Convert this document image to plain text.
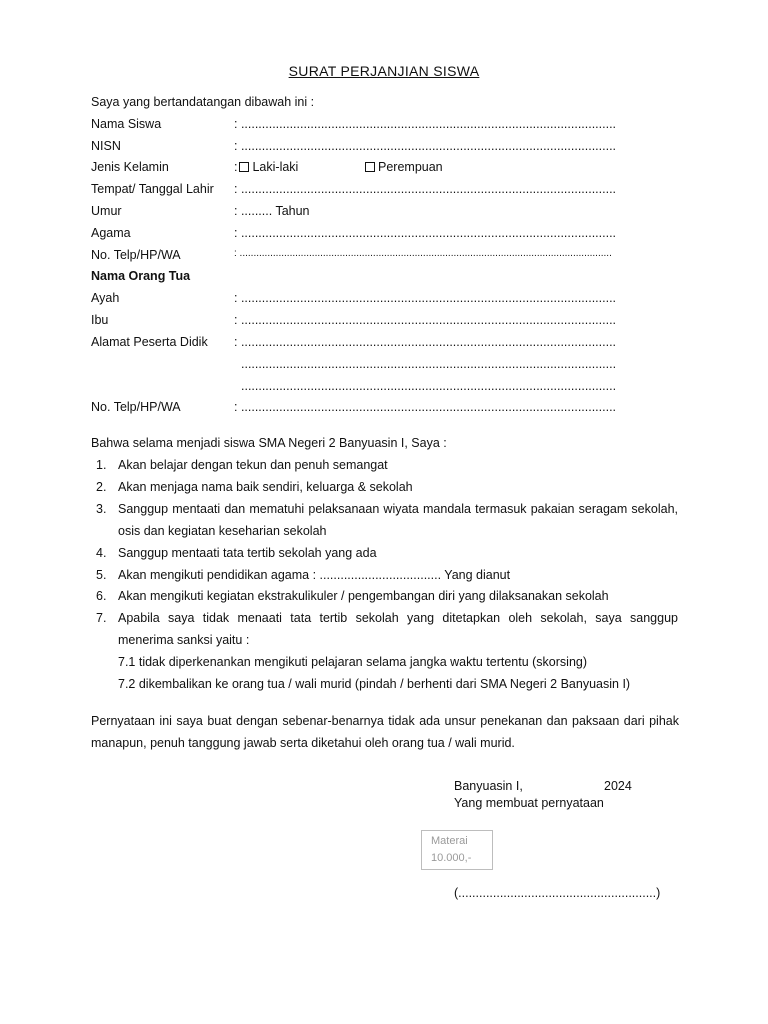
SURAT PERJANJIAN SISWA
Saya yang bertandatangan dibawah ini :
Nama Siswa	: ............................................................................................................
NISN	: ............................................................................................................
Jenis Kelamin	: Laki-laki	Perempuan
Tempat/ Tanggal Lahir : ............................................................................................................
Umur	: ......... Tahun
Agama	: ............................................................................................................
No. Telp/HP/WA	: ......................................................................................................................................
Nama Orang Tua
Ayah	: ............................................................................................................
Ibu	: ............................................................................................................
Alamat Peserta Didik : ............................................................................................................
............................................................................................................
............................................................................................................
No. Telp/HP/WA	: ............................................................................................................
Bahwa selama menjadi siswa SMA Negeri 2 Banyuasin I, Saya :
1. Akan belajar dengan tekun dan penuh semangat
2. Akan menjaga nama baik sendiri, keluarga & sekolah
3. Sanggup mentaati dan mematuhi pelaksanaan wiyata mandala termasuk pakaian seragam sekolah,
osis dan kegiatan keseharian sekolah
4. Sanggup mentaati tata tertib sekolah yang ada
5. Akan mengikuti pendidikan agama : ................................... Yang dianut
6. Akan mengikuti kegiatan ekstrakulikuler / pengembangan diri yang dilaksanakan sekolah
7. Apabila saya tidak menaati tata tertib sekolah yang ditetapkan oleh sekolah, saya sanggup
menerima sanksi yaitu :
7.1 tidak diperkenankan mengikuti pelajaran selama jangka waktu tertentu (skorsing)
7.2 dikembalikan ke orang tua / wali murid (pindah / berhenti dari SMA Negeri 2 Banyuasin I)
Pernyataan ini saya buat dengan sebenar-benarnya tidak ada unsur penekanan dan paksaan dari pihak
manapun, penuh tanggung jawab serta diketahui oleh orang tua / wali murid.
Banyuasin I,	2024
Yang membuat pernyataan
Materai
10.000,-
(.........................................................)
